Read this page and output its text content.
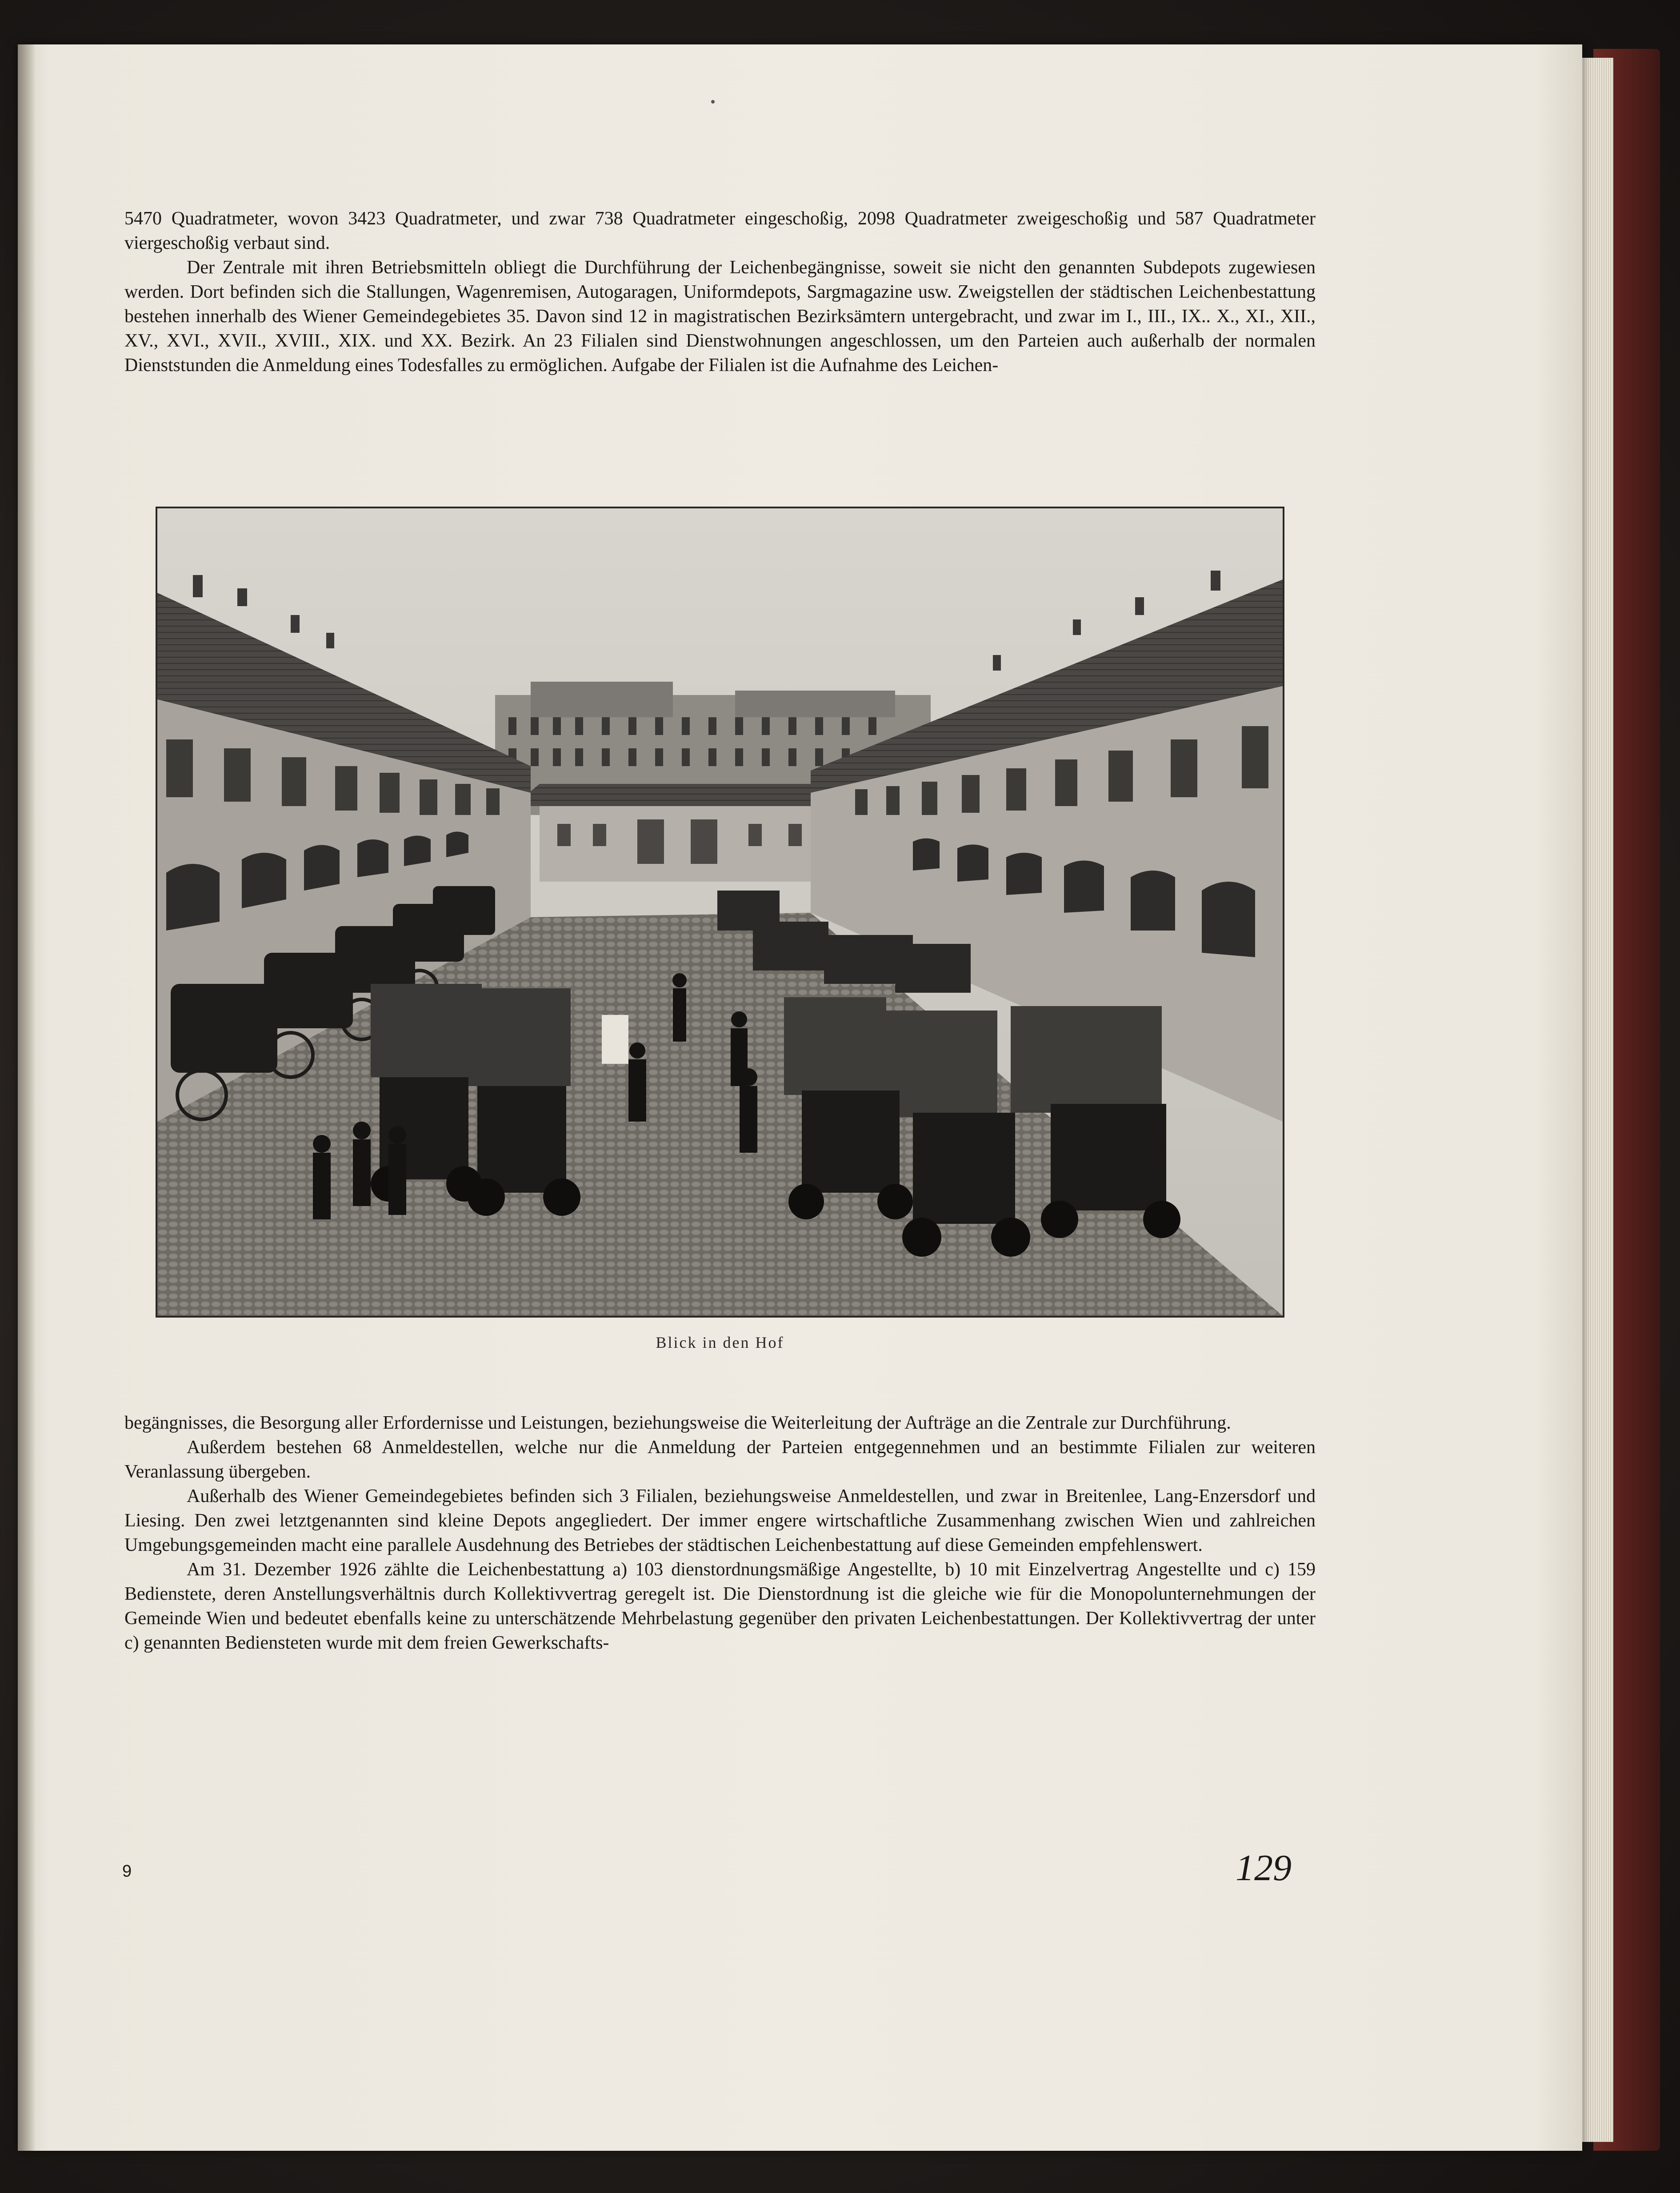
5470 Quadratmeter, wovon 3423 Quadratmeter, und zwar 738 Quadratmeter eingeschoßig, 2098 Quadratmeter zweigeschoßig und 587 Quadratmeter viergeschoßig verbaut sind.

Der Zentrale mit ihren Betriebsmitteln obliegt die Durchführung der Leichenbegängnisse, soweit sie nicht den genannten Subdepots zugewiesen werden. Dort befinden sich die Stallungen, Wagenremisen, Autogaragen, Uniformdepots, Sargmagazine usw. Zweigstellen der städtischen Leichenbestattung bestehen innerhalb des Wiener Gemeindegebietes 35. Davon sind 12 in magistratischen Bezirksämtern untergebracht, und zwar im I., III., IX.. X., XI., XII., XV., XVI., XVII., XVIII., XIX. und XX. Bezirk. An 23 Filialen sind Dienstwohnungen angeschlossen, um den Parteien auch außerhalb der normalen Dienststunden die Anmeldung eines Todesfalles zu ermöglichen. Aufgabe der Filialen ist die Aufnahme des Leichen-

Blick in den Hof

begängnisses, die Besorgung aller Erfordernisse und Leistungen, beziehungsweise die Weiterleitung der Aufträge an die Zentrale zur Durchführung.

Außerdem bestehen 68 Anmeldestellen, welche nur die Anmeldung der Parteien entgegennehmen und an bestimmte Filialen zur weiteren Veranlassung übergeben.

Außerhalb des Wiener Gemeindegebietes befinden sich 3 Filialen, beziehungsweise Anmeldestellen, und zwar in Breitenlee, Lang-Enzersdorf und Liesing. Den zwei letztgenannten sind kleine Depots angegliedert. Der immer engere wirtschaftliche Zusammenhang zwischen Wien und zahlreichen Umgebungsgemeinden macht eine parallele Ausdehnung des Betriebes der städtischen Leichenbestattung auf diese Gemeinden empfehlenswert.

Am 31. Dezember 1926 zählte die Leichenbestattung a) 103 dienstordnungsmäßige Angestellte, b) 10 mit Einzelvertrag Angestellte und c) 159 Bedienstete, deren Anstellungsverhältnis durch Kollektivvertrag geregelt ist. Die Dienstordnung ist die gleiche wie für die Monopolunternehmungen der Gemeinde Wien und bedeutet ebenfalls keine zu unterschätzende Mehrbelastung gegenüber den privaten Leichenbestattungen. Der Kollektivvertrag der unter c) genannten Bediensteten wurde mit dem freien Gewerkschafts-

9	129
